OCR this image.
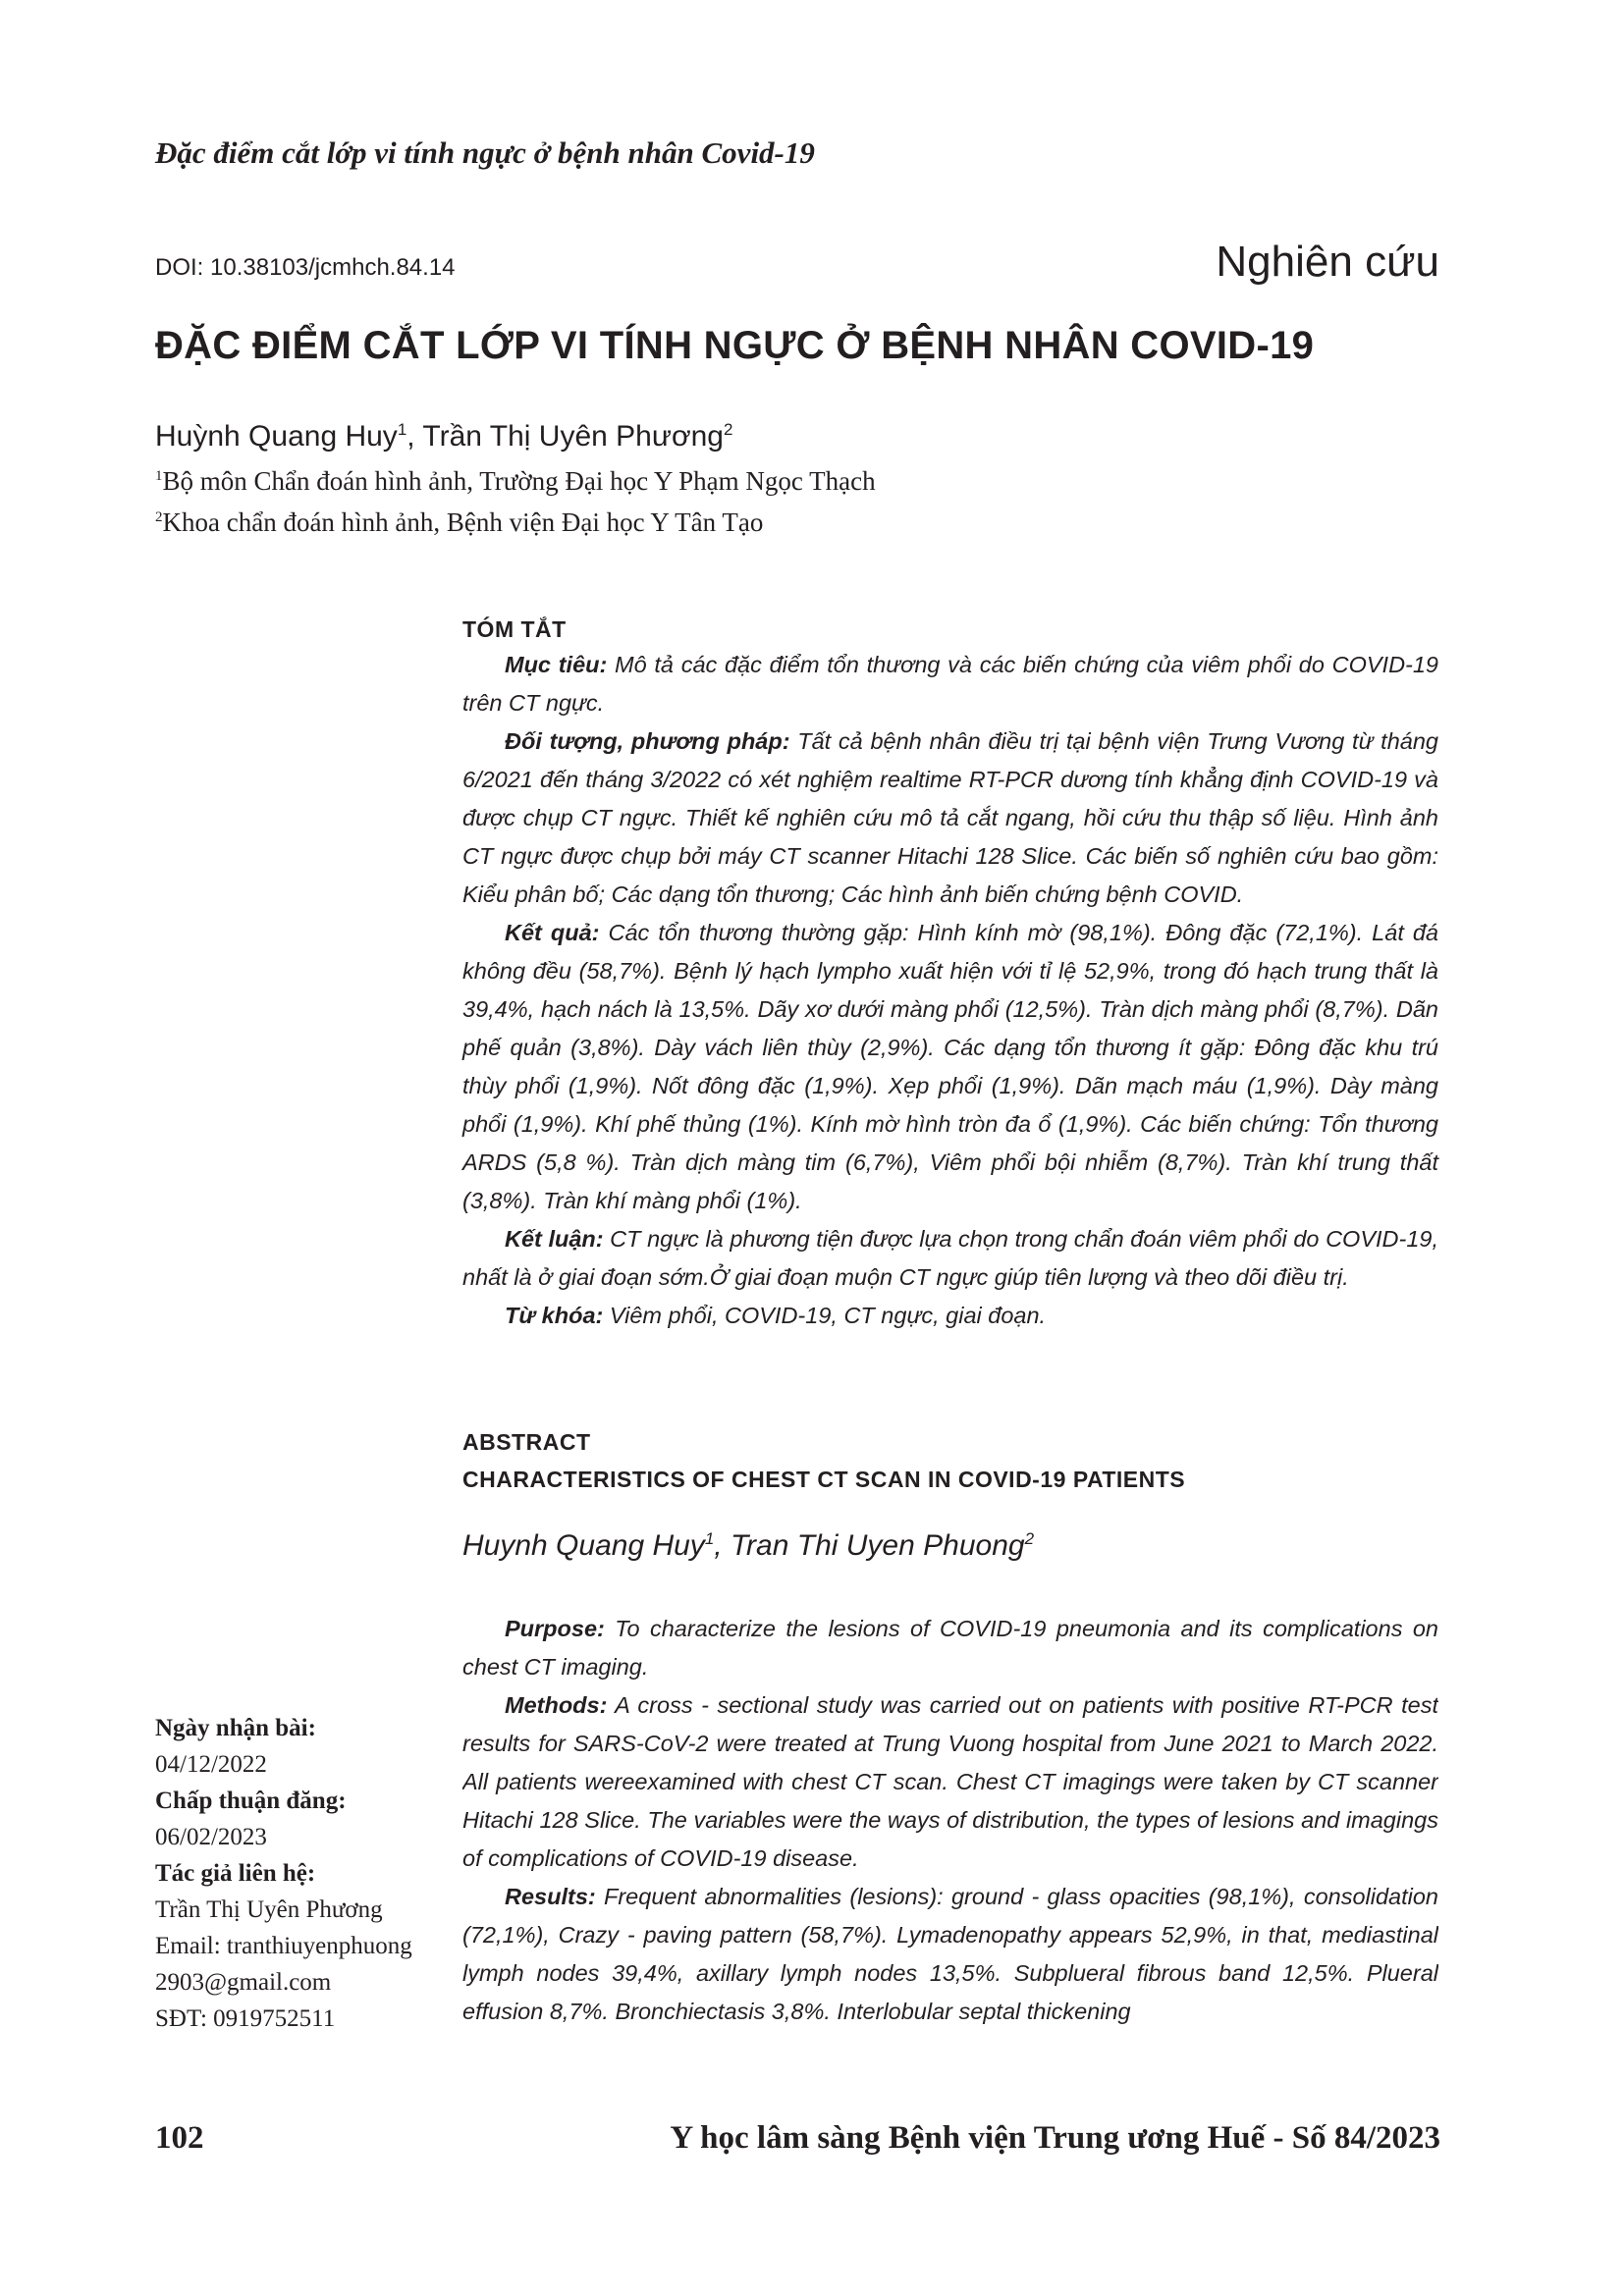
Đặc điểm cắt lớp vi tính ngực ở bệnh nhân Covid-19
DOI: 10.38103/jcmhch.84.14	Nghiên cứu
ĐẶC ĐIỂM CẮT LỚP VI TÍNH NGỰC Ở BỆNH NHÂN COVID-19
Huỳnh Quang Huy$^1$, Trần Thị Uyên Phương$^2$
$^1$Bộ môn Chẩn đoán hình ảnh, Trường Đại học Y Phạm Ngọc Thạch
$^2$Khoa chẩn đoán hình ảnh, Bệnh viện Đại học Y Tân Tạo
TÓM TẮT

Mục tiêu: Mô tả các đặc điểm tổn thương và các biến chứng của viêm phổi do COVID-19 trên CT ngực.

Đối tượng, phương pháp: Tất cả bệnh nhân điều trị tại bệnh viện Trưng Vương từ tháng 6/2021 đến tháng 3/2022 có xét nghiệm realtime RT-PCR dương tính khẳng định COVID-19 và được chụp CT ngực. Thiết kế nghiên cứu mô tả cắt ngang, hồi cứu thu thập số liệu. Hình ảnh CT ngực được chụp bởi máy CT scanner Hitachi 128 Slice. Các biến số nghiên cứu bao gồm: Kiểu phân bố; Các dạng tổn thương; Các hình ảnh biến chứng bệnh COVID.

Kết quả: Các tổn thương thường gặp: Hình kính mờ (98,1%). Đông đặc (72,1%). Lát đá không đều (58,7%). Bệnh lý hạch lympho xuất hiện với tỉ lệ 52,9%, trong đó hạch trung thất là 39,4%, hạch nách là 13,5%. Dãy xơ dưới màng phổi (12,5%). Tràn dịch màng phổi (8,7%). Dãn phế quản (3,8%). Dày vách liên thùy (2,9%). Các dạng tổn thương ít gặp: Đông đặc khu trú thùy phổi (1,9%). Nốt đông đặc (1,9%). Xẹp phổi (1,9%). Dãn mạch máu (1,9%). Dày màng phổi (1,9%). Khí phế thủng (1%). Kính mờ hình tròn đa ổ (1,9%). Các biến chứng: Tổn thương ARDS (5,8 %). Tràn dịch màng tim (6,7%), Viêm phổi bội nhiễm (8,7%). Tràn khí trung thất (3,8%). Tràn khí màng phổi (1%).

Kết luận: CT ngực là phương tiện được lựa chọn trong chẩn đoán viêm phổi do COVID-19, nhất là ở giai đoạn sớm.Ở giai đoạn muộn CT ngực giúp tiên lượng và theo dõi điều trị.

Từ khóa: Viêm phổi, COVID-19, CT ngực, giai đoạn.

ABSTRACT
CHARACTERISTICS OF CHEST CT SCAN IN COVID-19 PATIENTS
Huynh Quang Huy$^1$, Tran Thi Uyen Phuong$^2$

Purpose: To characterize the lesions of COVID-19 pneumonia and its complications on chest CT imaging.

Methods: A cross - sectional study was carried out on patients with positive RT-PCR test results for SARS-CoV-2 were treated at Trung Vuong hospital from June 2021 to March 2022. All patients wereexamined with chest CT scan. Chest CT imagings were taken by CT scanner Hitachi 128 Slice. The variables were the ways of distribution, the types of lesions and imagings of complications of COVID-19 disease.

Results: Frequent abnormalities (lesions): ground - glass opacities (98,1%), consolidation (72,1%), Crazy - paving pattern (58,7%). Lymadenopathy appears 52,9%, in that, mediastinal lymph nodes 39,4%, axillary lymph nodes 13,5%. Subplueral fibrous band 12,5%. Plueral effusion 8,7%. Bronchiectasis 3,8%. Interlobular septal thickening

Ngày nhận bài:
04/12/2022
Chấp thuận đăng:
06/02/2023
Tác giả liên hệ:
Trần Thị Uyên Phương
Email: tranthiuyenphuong
2903@gmail.com
SĐT: 0919752511
102	Y học lâm sàng Bệnh viện Trung ương Huế - Số 84/2023
